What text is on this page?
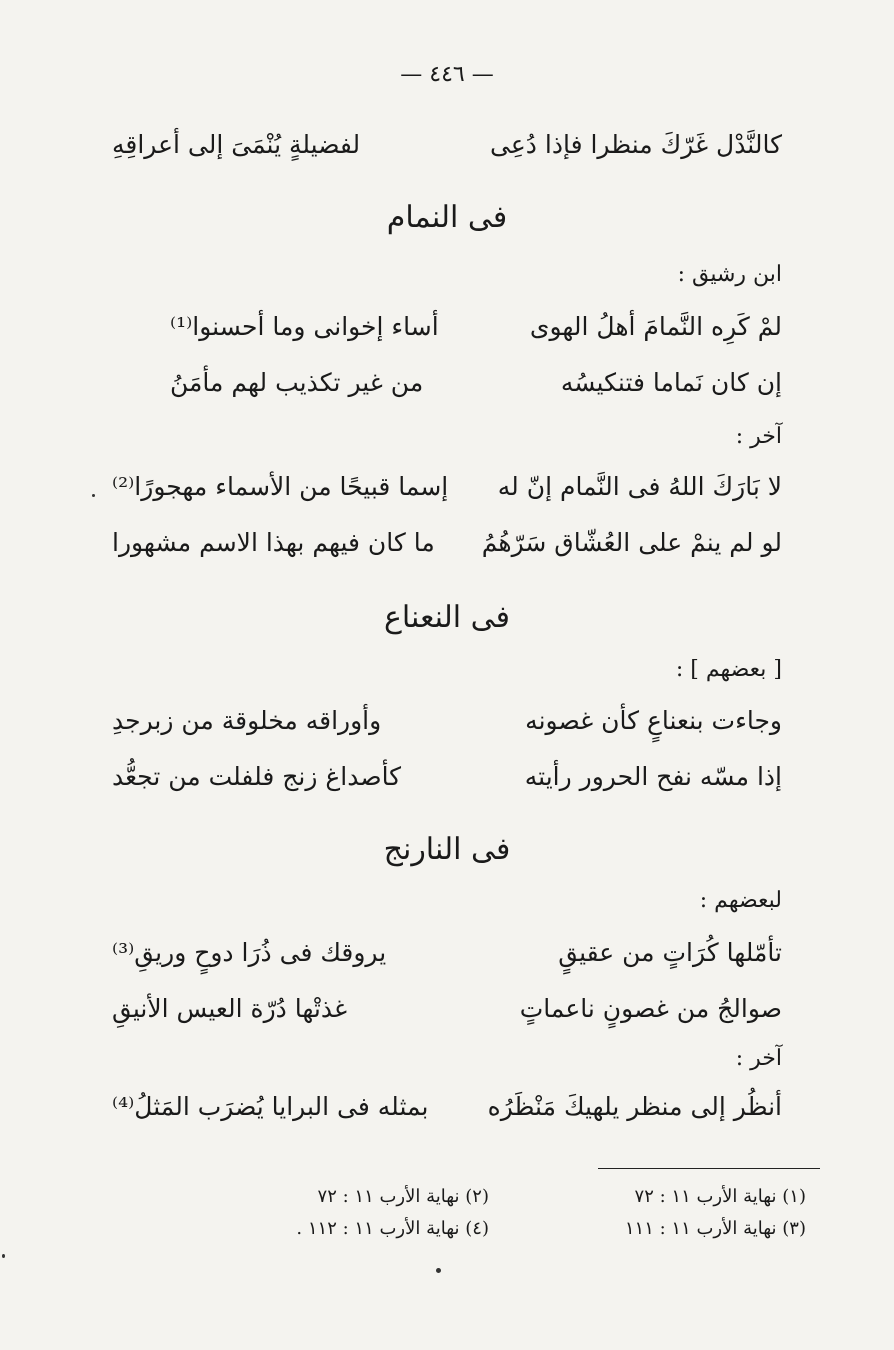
— ٤٤٦ —
كالنَّدْل غَرّكَ منظرا فإذا دُعِى
لفضيلةٍ يُنْمَىَ إلى أعراقِهِ
فى النمام
ابن رشيق :
لمْ كَرِه النَّمامَ أهلُ الهوى
أساء إخوانى وما أحسنوا⁽¹⁾
إن كان نَماما فتنكيسُه
من غير تكذيب لهم مأمَنُ
آخر :
لا بَارَكَ اللهُ فى النَّمام إنّ له
إسما قبيحًا من الأسماء مهجورًا⁽²⁾
لو لم ينمْ على العُشّاق سَرّهُمُ
ما كان فيهم بهذا الاسم مشهورا
فى النعناع
[ بعضهم ] :
وجاءت بنعناعٍ كأن غصونه
وأوراقه مخلوقة من زبرجدِ
إذا مسّه نفح الحرور رأيته
كأصداغ زنج فلفلت من تجعُّد
فى النارنج
لبعضهم :
تأمّلها كُرَاتٍ من عقيقٍ
يروقك فى ذُرَا دوحٍ وريقِ⁽³⁾
صوالجُ من غصونٍ ناعماتٍ
غذتْها دُرّة العيس الأنيقِ
آخر :
أنظُر إلى منظر يلهيكَ مَنْظَرُه
بمثله فى البرايا يُضرَب المَثلُ⁽⁴⁾
(١) نهاية الأرب ١١ : ٧٢
(٢) نهاية الأرب ١١ : ٧٢
(٣) نهاية الأرب ١١ : ١١١
(٤) نهاية الأرب ١١ : ١١٢ .
